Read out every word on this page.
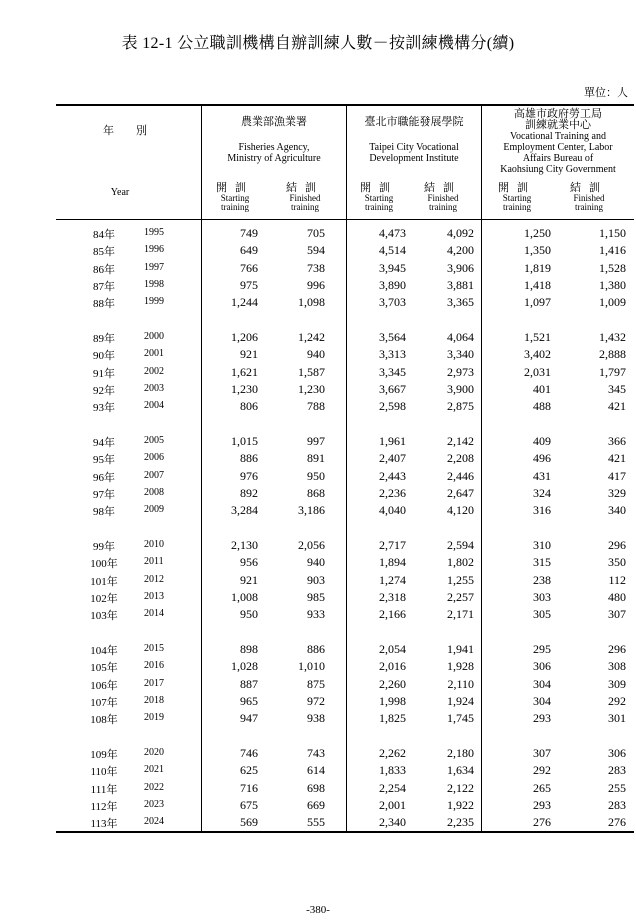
表 12-1 公立職訓機構自辦訓練人數－按訓練機構分(續)
單位：人
年　　別
Year
農業部漁業署
Fisheries Agency,
Ministry of Agriculture
臺北市職能發展學院
Taipei City Vocational
Development Institute
高雄市政府勞工局
訓練就業中心
Vocational Training and
Employment Center, Labor
Affairs Bureau of
Kaohsiung City Government
開訓
Starting
training
結訓
Finished
training
開訓
Starting
training
結訓
Finished
training
開訓
Starting
training
結訓
Finished
training
84年	1995	749	705	4,473	4,092	1,250	1,150
85年	1996	649	594	4,514	4,200	1,350	1,416
86年	1997	766	738	3,945	3,906	1,819	1,528
87年	1998	975	996	3,890	3,881	1,418	1,380
88年	1999	1,244	1,098	3,703	3,365	1,097	1,009
89年	2000	1,206	1,242	3,564	4,064	1,521	1,432
90年	2001	921	940	3,313	3,340	3,402	2,888
91年	2002	1,621	1,587	3,345	2,973	2,031	1,797
92年	2003	1,230	1,230	3,667	3,900	401	345
93年	2004	806	788	2,598	2,875	488	421
94年	2005	1,015	997	1,961	2,142	409	366
95年	2006	886	891	2,407	2,208	496	421
96年	2007	976	950	2,443	2,446	431	417
97年	2008	892	868	2,236	2,647	324	329
98年	2009	3,284	3,186	4,040	4,120	316	340
99年	2010	2,130	2,056	2,717	2,594	310	296
100年	2011	956	940	1,894	1,802	315	350
101年	2012	921	903	1,274	1,255	238	112
102年	2013	1,008	985	2,318	2,257	303	480
103年	2014	950	933	2,166	2,171	305	307
104年	2015	898	886	2,054	1,941	295	296
105年	2016	1,028	1,010	2,016	1,928	306	308
106年	2017	887	875	2,260	2,110	304	309
107年	2018	965	972	1,998	1,924	304	292
108年	2019	947	938	1,825	1,745	293	301
109年	2020	746	743	2,262	2,180	307	306
110年	2021	625	614	1,833	1,634	292	283
111年	2022	716	698	2,254	2,122	265	255
112年	2023	675	669	2,001	1,922	293	283
113年	2024	569	555	2,340	2,235	276	276
-380-
